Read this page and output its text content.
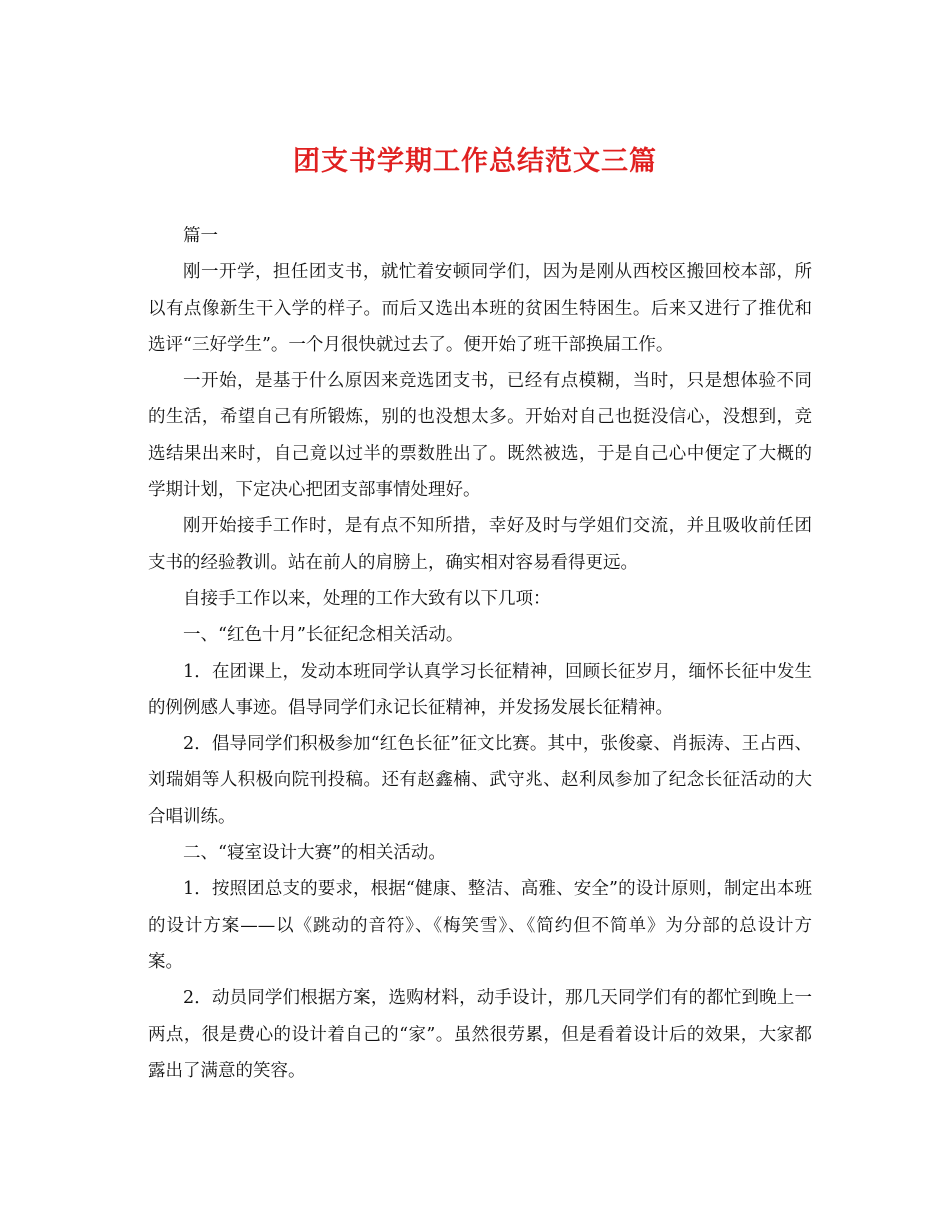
团支书学期工作总结范文三篇

篇一

刚一开学，担任团支书，就忙着安顿同学们，因为是刚从西校区搬回校本部，所以有点像新生干入学的样子。而后又选出本班的贫困生特困生。后来又进行了推优和选评“三好学生”。一个月很快就过去了。便开始了班干部换届工作。

一开始，是基于什么原因来竞选团支书，已经有点模糊，当时，只是想体验不同的生活，希望自己有所锻炼，别的也没想太多。开始对自己也挺没信心，没想到，竞选结果出来时，自己竟以过半的票数胜出了。既然被选，于是自己心中便定了大概的学期计划，下定决心把团支部事情处理好。

刚开始接手工作时，是有点不知所措，幸好及时与学姐们交流，并且吸收前任团支书的经验教训。站在前人的肩膀上，确实相对容易看得更远。

自接手工作以来，处理的工作大致有以下几项：

一、“红色十月”长征纪念相关活动。

1．在团课上，发动本班同学认真学习长征精神，回顾长征岁月，缅怀长征中发生的例例感人事迹。倡导同学们永记长征精神，并发扬发展长征精神。

2．倡导同学们积极参加“红色长征”征文比赛。其中，张俊豪、肖振涛、王占西、刘瑞娟等人积极向院刊投稿。还有赵鑫楠、武守兆、赵利凤参加了纪念长征活动的大合唱训练。

二、“寝室设计大赛”的相关活动。

1．按照团总支的要求，根据“健康、整洁、高雅、安全”的设计原则，制定出本班的设计方案——以《跳动的音符》、《梅笑雪》、《简约但不简单》为分部的总设计方案。

2．动员同学们根据方案，选购材料，动手设计，那几天同学们有的都忙到晚上一两点，很是费心的设计着自己的“家”。虽然很劳累，但是看着设计后的效果，大家都露出了满意的笑容。
